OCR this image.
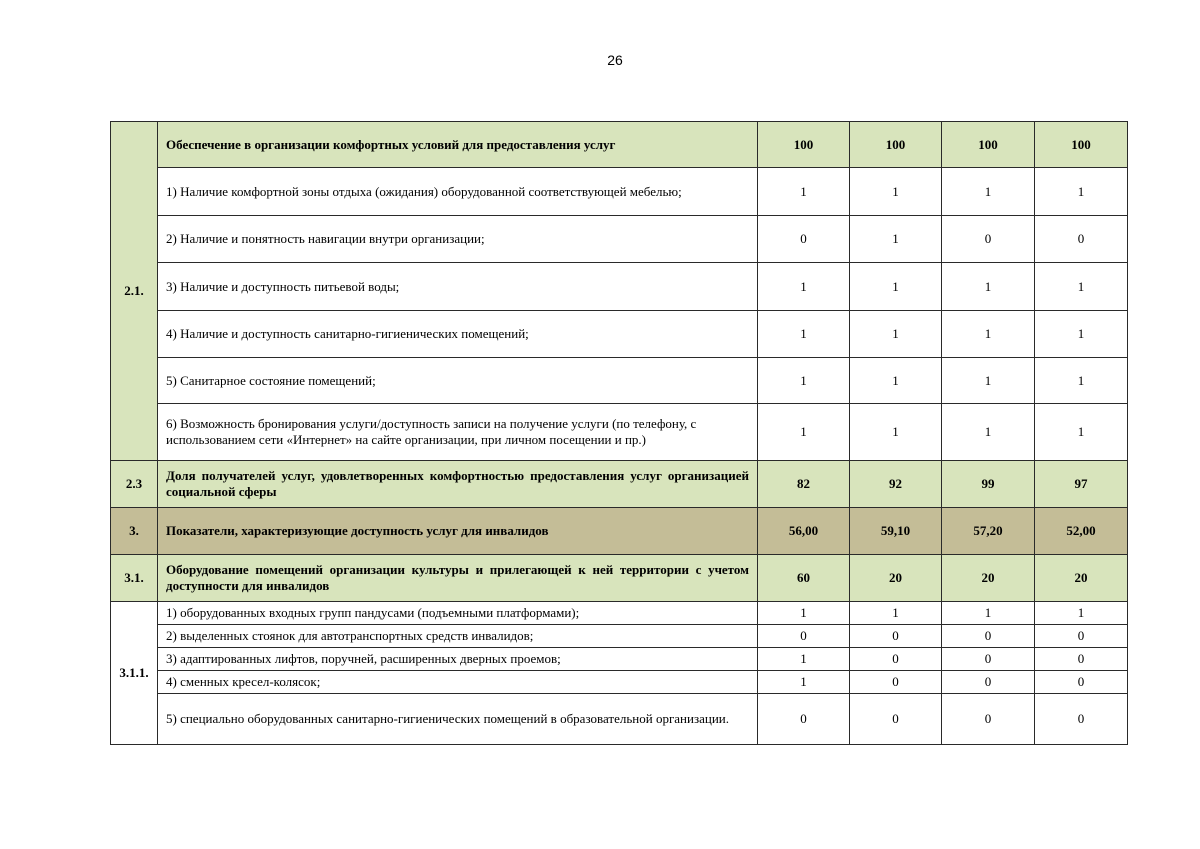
26
2.1.	Обеспечение в организации комфортных условий для предоставления услуг	100	100	100	100
	1) Наличие комфортной зоны отдыха (ожидания) оборудованной соответствующей мебелью;	1	1	1	1
	2) Наличие и понятность навигации внутри организации;	0	1	0	0
	3) Наличие и доступность питьевой воды;	1	1	1	1
	4) Наличие и доступность санитарно-гигиенических помещений;	1	1	1	1
	5) Санитарное состояние помещений;	1	1	1	1
	6) Возможность бронирования услуги/доступность записи на получение услуги (по телефону, с использованием сети «Интернет» на сайте организации, при личном посещении и пр.)	1	1	1	1
2.3	Доля получателей услуг, удовлетворенных комфортностью предоставления услуг организацией социальной сферы	82	92	99	97
3.	Показатели, характеризующие доступность услуг для инвалидов	56,00	59,10	57,20	52,00
3.1.	Оборудование помещений организации культуры и прилегающей к ней территории с учетом доступности для инвалидов	60	20	20	20
3.1.1.	1) оборудованных входных групп пандусами (подъемными платформами);	1	1	1	1
	2) выделенных стоянок для автотранспортных средств инвалидов;	0	0	0	0
	3) адаптированных лифтов, поручней, расширенных дверных проемов;	1	0	0	0
	4) сменных кресел-колясок;	1	0	0	0
	5) специально оборудованных санитарно-гигиенических помещений в образовательной организации.	0	0	0	0
